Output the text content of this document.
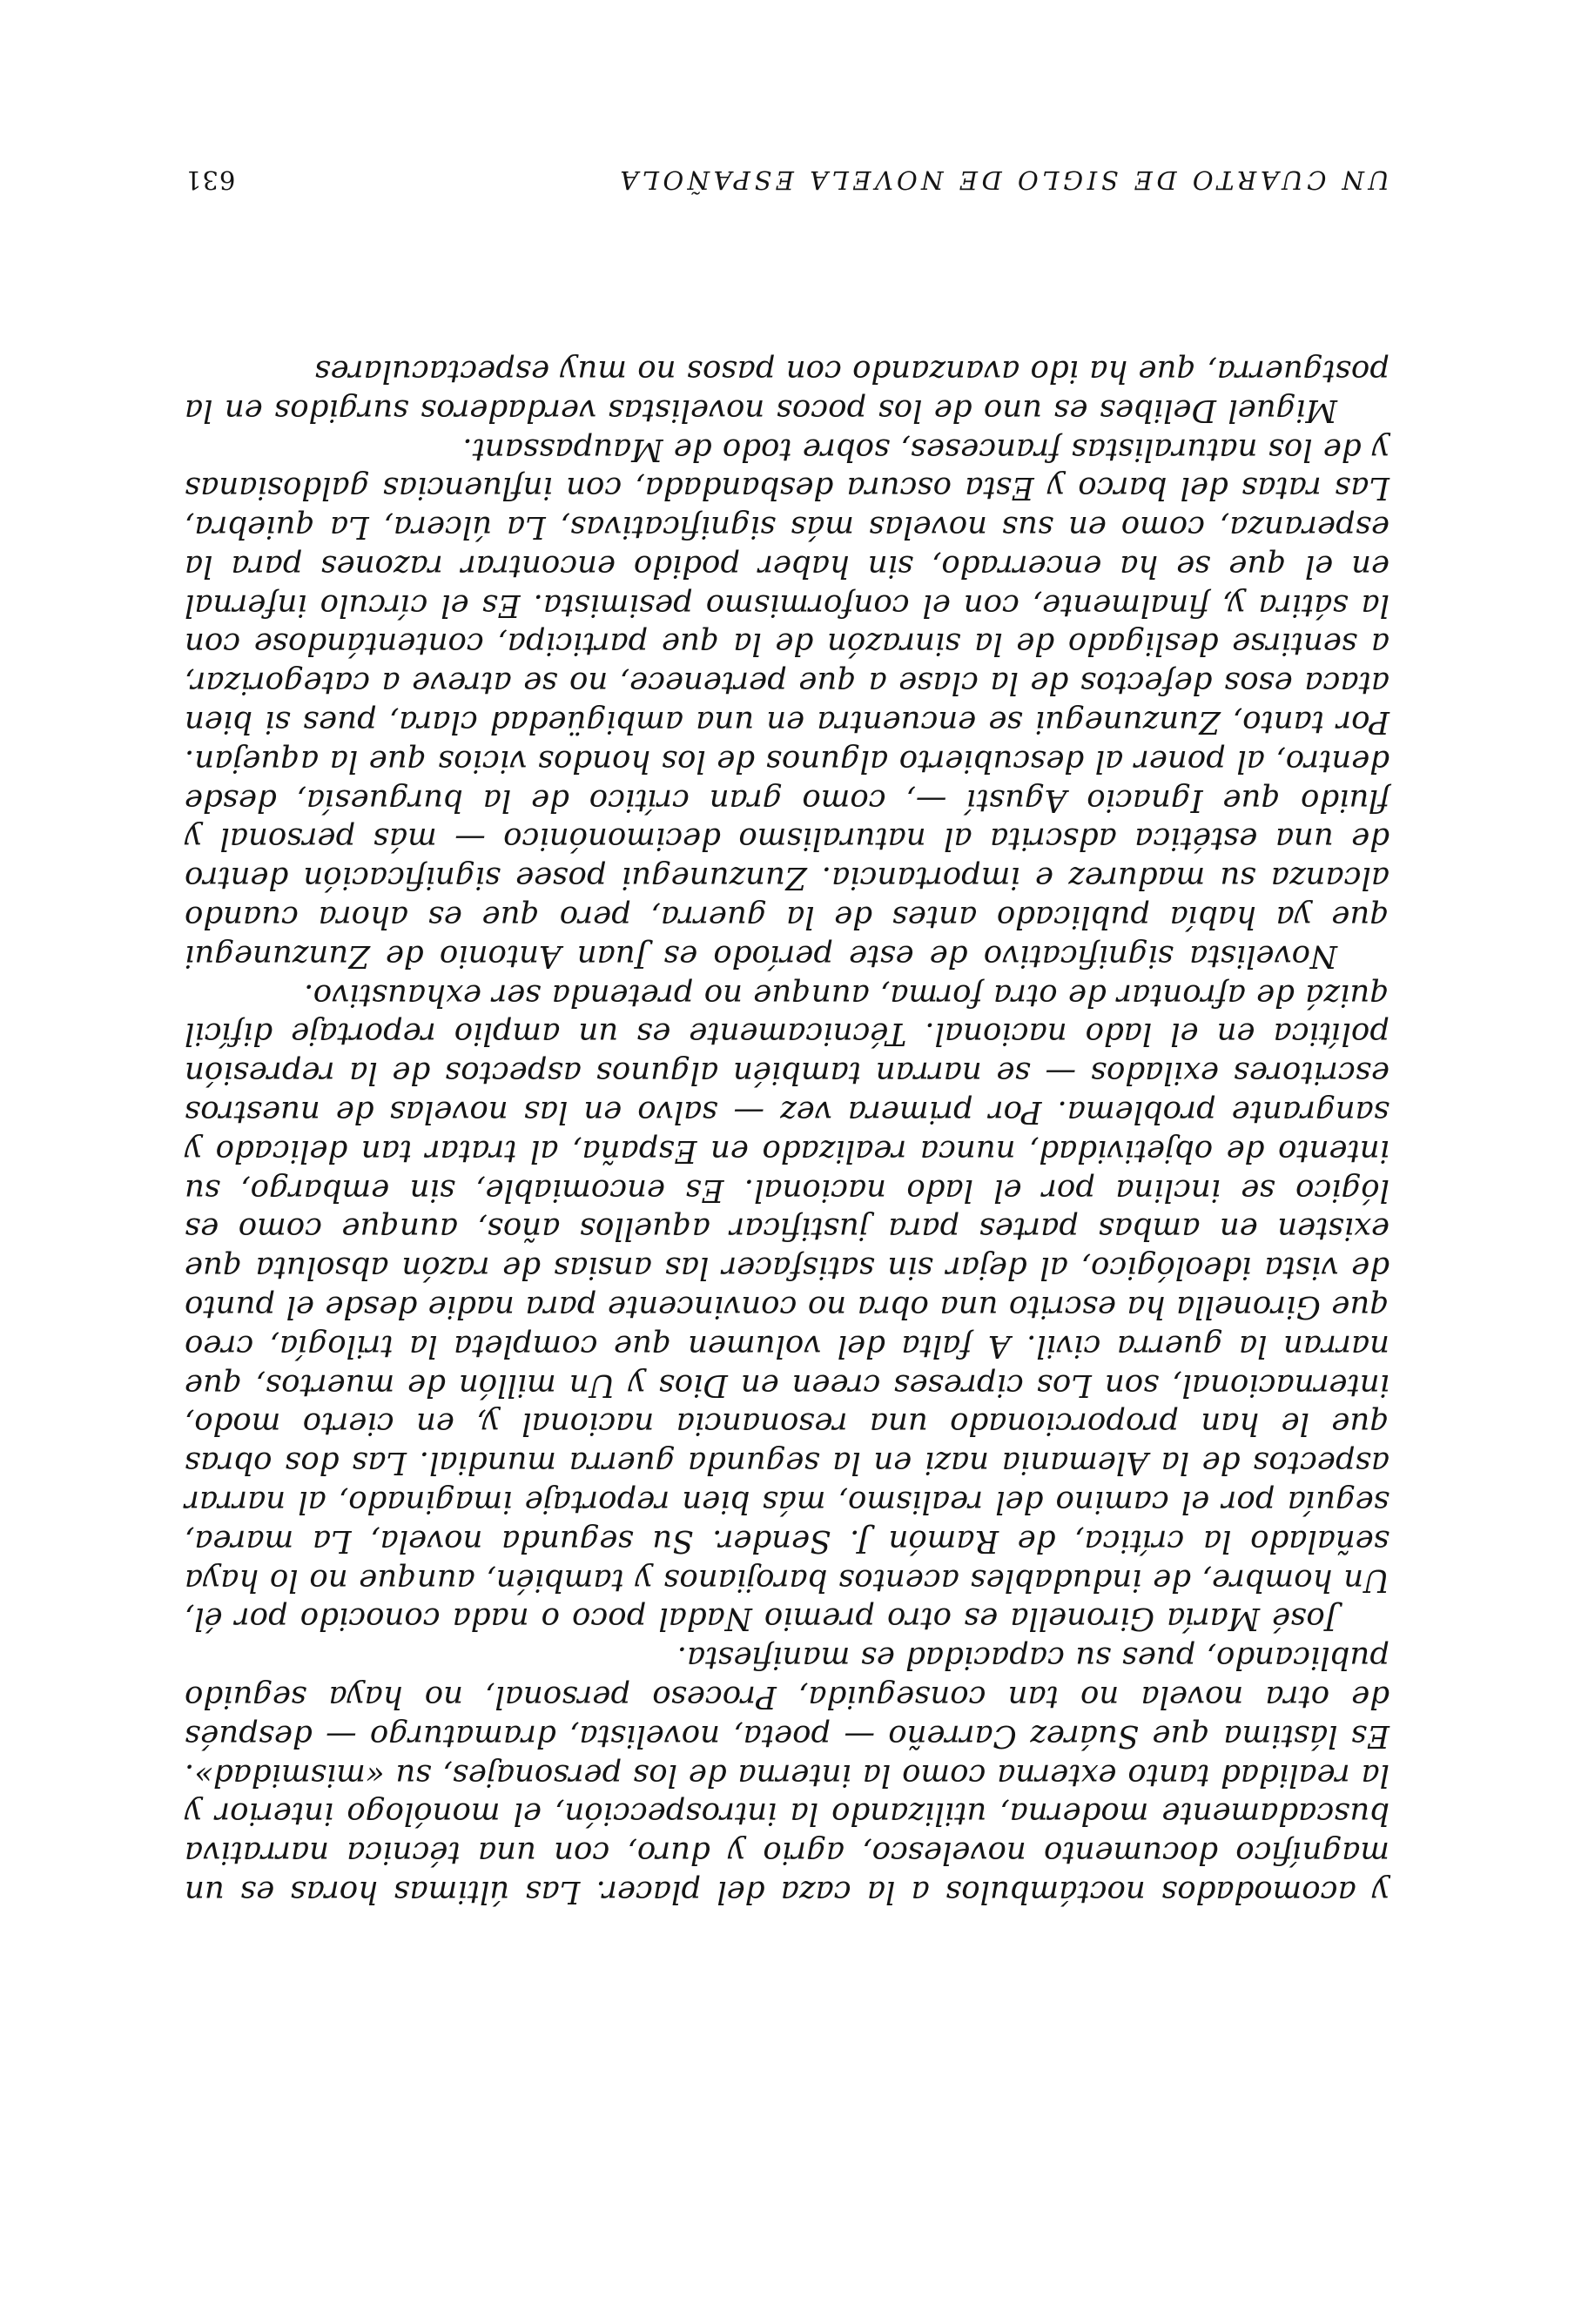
UN CUARTO DE SIGLO DE NOVELA ESPAÑOLA
631

y acomodados noctámbulos a la caza del placer. Las últimas horas es un magnífico documento novelesco, agrio y duro, con una técnica narrativa buscadamente moderna, utilizando la introspección, el monólogo interior y la realidad tanto externa como la interna de los personajes, su «mismidad». Es lástima que Suárez Carreño — poeta, novelista, dramaturgo — después de otra novela no tan conseguida, Proceso personal, no haya seguido publicando, pues su capacidad es manifiesta.

José María Gironella es otro premio Nadal poco o nada conocido por él, Un hombre, de indudables acentos barojianos y también, aunque no lo haya señalado la crítica, de Ramón J. Sender. Su segunda novela, La marea, seguía por el camino del realismo, más bien reportaje imaginado, al narrar aspectos de la Alemania nazi en la segunda guerra mundial. Las dos obras que le han proporcionado una resonancia nacional y, en cierto modo, internacional, son Los cipreses creen en Dios y Un millón de muertos, que narran la guerra civil. A falta del volumen que completa la trilogía, creo que Gironella ha escrito una obra no convincente para nadie desde el punto de vista ideológico, al dejar sin satisfacer las ansias de razón absoluta que existen en ambas partes para justificar aquellos años, aunque como es lógico se inclina por el lado nacional. Es encomiable, sin embargo, su intento de objetividad, nunca realizado en España, al tratar tan delicado y sangrante problema. Por primera vez — salvo en las novelas de nuestros escritores exilados — se narran también algunos aspectos de la represión política en el lado nacional. Técnicamente es un amplio reportaje difícil quizá de afrontar de otra forma, aunque no pretenda ser exhaustivo.

Novelista significativo de este período es Juan Antonio de Zunzunegui que ya había publicado antes de la guerra, pero que es ahora cuando alcanza su madurez e importancia. Zunzunegui posee significación dentro de una estética adscrita al naturalismo decimonónico — más personal y fluido que Ignacio Agustí —, como gran crítico de la burguesía, desde dentro, al poner al descubierto algunos de los hondos vicios que la aquejan. Por tanto, Zunzunegui se encuentra en una ambigüedad clara, pues si bien ataca esos defectos de la clase a que pertenece, no se atreve a categorizar, a sentirse desligado de la sinrazón de la que participa, contentándose con la sátira y, finalmente, con el conformismo pesimista. Es el círculo infernal en el que se ha encerrado, sin haber podido encontrar razones para la esperanza, como en sus novelas más significativas, La úlcera, La quiebra, Las ratas del barco y Esta oscura desbandada, con influencias galdosianas y de los naturalistas franceses, sobre todo de Maupassant.

Miguel Delibes es uno de los pocos novelistas verdaderos surgidos en la postguerra, que ha ido avanzando con pasos no muy espectaculares
